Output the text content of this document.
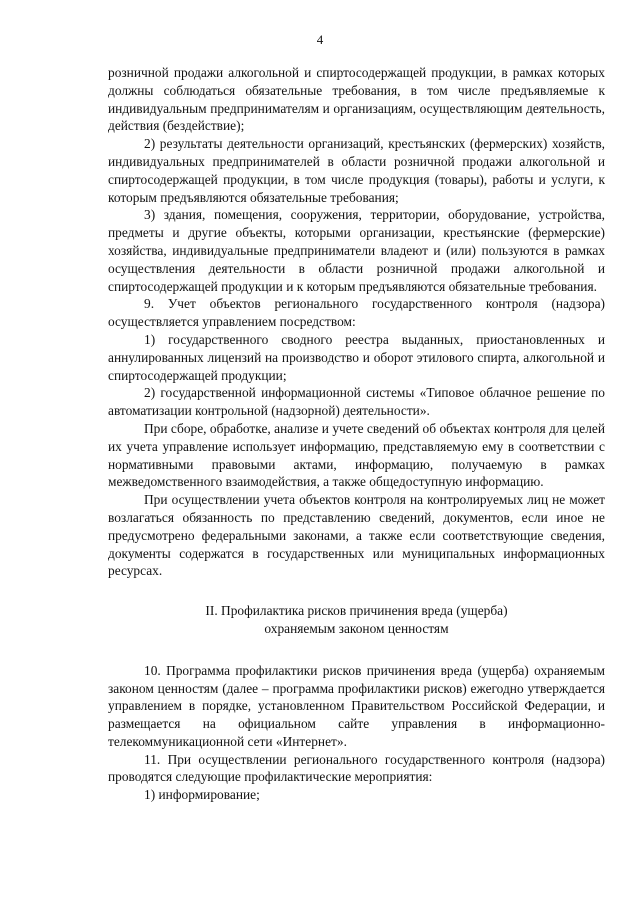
4

розничной продажи алкогольной и спиртосодержащей продукции, в рамках которых должны соблюдаться обязательные требования, в том числе предъявляемые к индивидуальным предпринимателям и организациям, осуществляющим деятельность, действия (бездействие);

2) результаты деятельности организаций, крестьянских (фермерских) хозяйств, индивидуальных предпринимателей в области розничной продажи алкогольной и спиртосодержащей продукции, в том числе продукция (товары), работы и услуги, к которым предъявляются обязательные требования;

3) здания, помещения, сооружения, территории, оборудование, устройства, предметы и другие объекты, которыми организации, крестьянские (фермерские) хозяйства, индивидуальные предприниматели владеют и (или) пользуются в рамках осуществления деятельности в области розничной продажи алкогольной и спиртосодержащей продукции и к которым предъявляются обязательные требования.

9. Учет объектов регионального государственного контроля (надзора) осуществляется управлением посредством:

1) государственного сводного реестра выданных, приостановленных и аннулированных лицензий на производство и оборот этилового спирта, алкогольной и спиртосодержащей продукции;

2) государственной информационной системы «Типовое облачное решение по автоматизации контрольной (надзорной) деятельности».

При сборе, обработке, анализе и учете сведений об объектах контроля для целей их учета управление использует информацию, представляемую ему в соответствии с нормативными правовыми актами, информацию, получаемую в рамках межведомственного взаимодействия, а также общедоступную информацию.

При осуществлении учета объектов контроля на контролируемых лиц не может возлагаться обязанность по представлению сведений, документов, если иное не предусмотрено федеральными законами, а также если соответствующие сведения, документы содержатся в государственных или муниципальных информационных ресурсах.

II. Профилактика рисков причинения вреда (ущерба)
охраняемым законом ценностям

10. Программа профилактики рисков причинения вреда (ущерба) охраняемым законом ценностям (далее – программа профилактики рисков) ежегодно утверждается управлением в порядке, установленном Правительством Российской Федерации, и размещается на официальном сайте управления в информационно-телекоммуникационной сети «Интернет».

11. При осуществлении регионального государственного контроля (надзора) проводятся следующие профилактические мероприятия:

1) информирование;
